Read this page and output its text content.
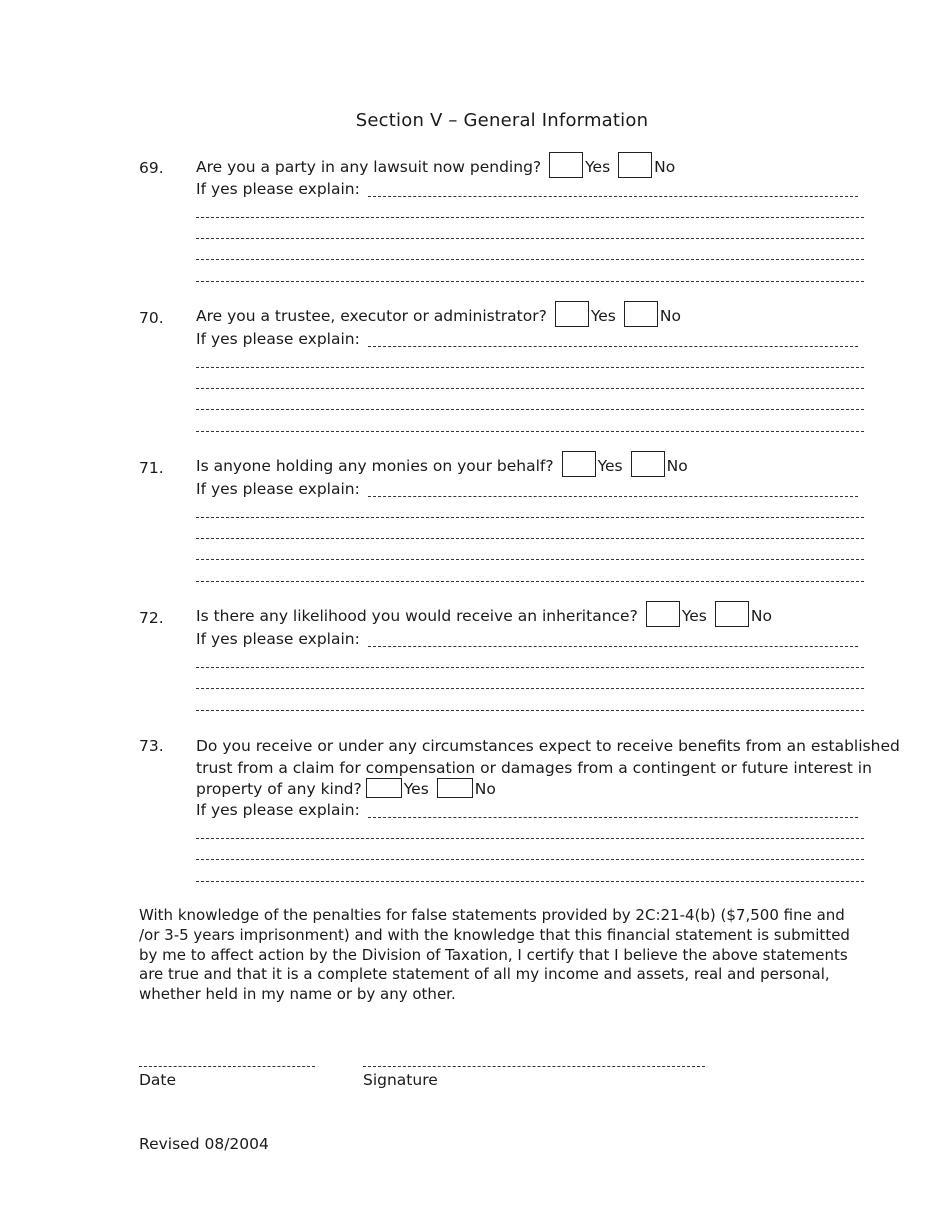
Section V – General Information
69. Are you a party in any lawsuit now pending?	Yes	No
If yes please explain:
70. Are you a trustee, executor or administrator?	Yes	No
If yes please explain:
71. Is anyone holding any monies on your behalf?	Yes	No
If yes please explain:
72. Is there any likelihood you would receive an inheritance?	Yes	No
If yes please explain:
73. Do you receive or under any circumstances expect to receive benefits from an established
trust from a claim for compensation or damages from a contingent or future interest in
property of any kind?	Yes	No
If yes please explain:
With knowledge of the penalties for false statements provided by 2C:21-4(b) ($7,500 fine and /or 3-5 years imprisonment) and with the knowledge that this financial statement is submitted by me to affect action by the Division of Taxation, I certify that I believe the above statements are true and that it is a complete statement of all my income and assets, real and personal, whether held in my name or by any other.
Date	Signature
Revised 08/2004
